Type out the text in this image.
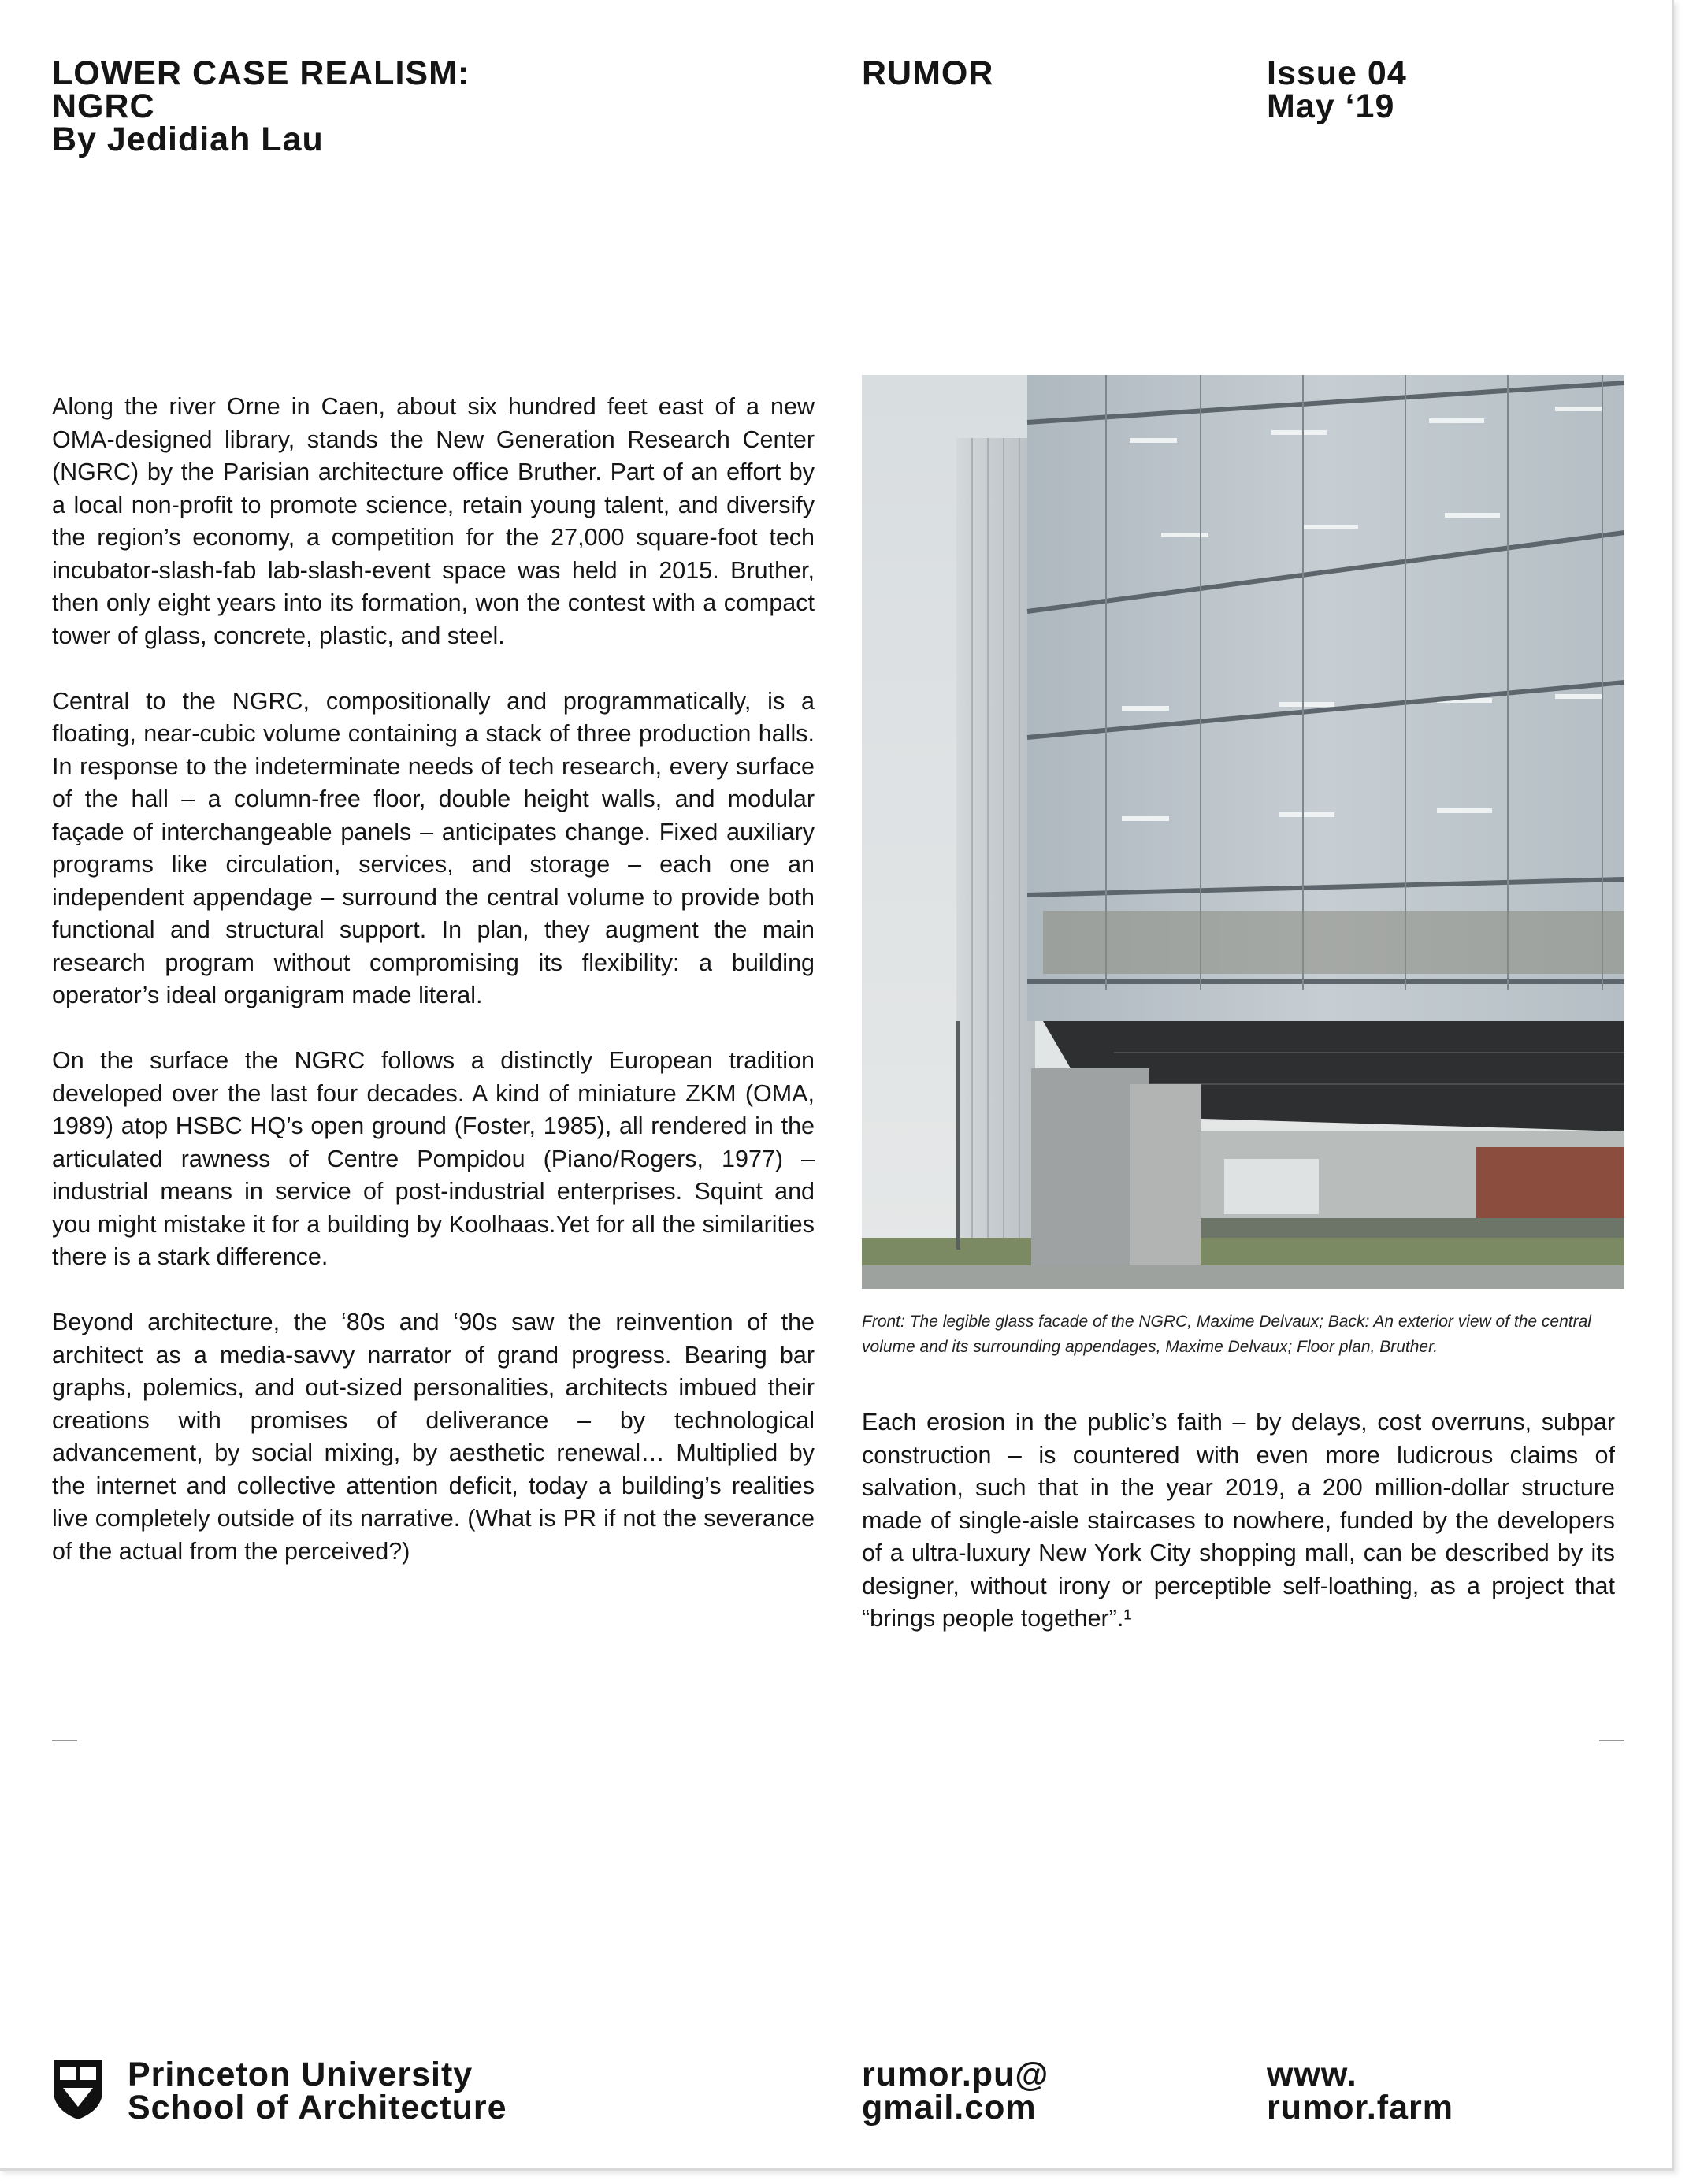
LOWER CASE REALISM:
NGRC
By Jedidiah Lau
RUMOR	Issue 04
May ‘19

Along the river Orne in Caen, about six hundred feet east of a new OMA-designed library, stands the New Generation Research Center (NGRC) by the Parisian architecture office Bruther. Part of an effort by a local non-profit to promote science, retain young talent, and diversify the region’s economy, a competition for the 27,000 square-foot tech incubator-slash-fab lab-slash-event space was held in 2015. Bruther, then only eight years into its formation, won the contest with a compact tower of glass, concrete, plastic, and steel.

Central to the NGRC, compositionally and programmatically, is a floating, near-cubic volume containing a stack of three production halls. In response to the indeterminate needs of tech research, every surface of the hall – a column-free floor, double height walls, and modular façade of interchangeable panels – anticipates change. Fixed auxiliary programs like circulation, services, and storage – each one an independent appendage – surround the central volume to provide both functional and structural support. In plan, they augment the main research program without compromising its flexibility: a building operator’s ideal organigram made literal.

On the surface the NGRC follows a distinctly European tradition developed over the last four decades. A kind of miniature ZKM (OMA, 1989) atop HSBC HQ’s open ground (Foster, 1985), all rendered in the articulated rawness of Centre Pompidou (Piano/Rogers, 1977) – industrial means in service of post-industrial enterprises. Squint and you might mistake it for a building by Koolhaas.Yet for all the similarities there is a stark difference.

Beyond architecture, the ‘80s and ‘90s saw the reinvention of the architect as a media-savvy narrator of grand progress. Bearing bar graphs, polemics, and out-sized personalities, architects imbued their creations with promises of deliverance – by technological advancement, by social mixing, by aesthetic renewal… Multiplied by the internet and collective attention deficit, today a building’s realities live completely outside of its narrative. (What is PR if not the severance of the actual from the perceived?)

Front: The legible glass facade of the NGRC, Maxime Delvaux; Back: An exterior view of the central volume and its surrounding appendages, Maxime Delvaux; Floor plan, Bruther.

Each erosion in the public’s faith – by delays, cost overruns, subpar construction – is countered with even more ludicrous claims of salvation, such that in the year 2019, a 200 million-dollar structure made of single-aisle staircases to nowhere, funded by the developers of a ultra-luxury New York City shopping mall, can be described by its designer, without irony or perceptible self-loathing, as a project that “brings people together”.¹

Princeton University
School of Architecture
rumor.pu@
gmail.com
www.
rumor.farm
